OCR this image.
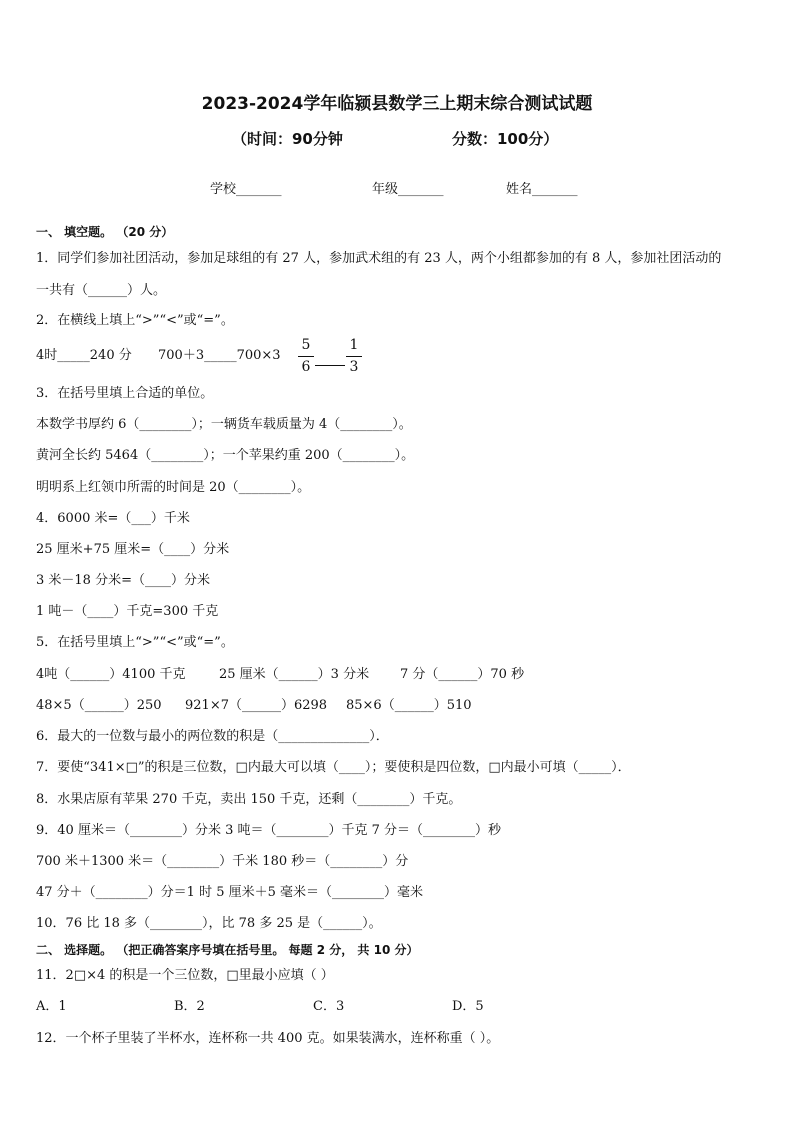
2023-2024学年临颍县数学三上期末综合测试试题
（时间：90分钟	分数：100分）
学校_______	年级_______	姓名_______
一、 填空题。 （20 分）
1．同学们参加社团活动，参加足球组的有 27 人，参加武术组的有 23 人，两个小组都参加的有 8 人，参加社团活动的
一共有（______）人。
2．在横线上填上“>”“<”或“=”。
4时_____240 分 700＋3_____700×3
5
6
1
3
3．在括号里填上合适的单位。
本数学书厚约 6（________）；一辆货车载质量为 4（________）。
黄河全长约 5464（________）；一个苹果约重 200（________）。
明明系上红领巾所需的时间是 20（________）。
4．6000 米=（___）千米
25 厘米+75 厘米=（____）分米
3 米－18 分米=（____）分米
1 吨－（____）千克=300 千克
5．在括号里填上“>”“<”或“=”。
4吨（______）4100 千克	25 厘米（______）3 分米 7 分（______）70 秒
48×5（______）250 921×7（______）6298 85×6（______）510
6．最大的一位数与最小的两位数的积是（______________）．
7．要使“341×□”的积是三位数，□内最大可以填（____）；要使积是四位数，□内最小可填（_____）．
8．水果店原有苹果 270 千克，卖出 150 千克，还剩（________）千克。
9．40 厘米＝（________）分米 3 吨＝（________）千克 7 分＝（________）秒
700 米＋1300 米＝（________）千米 180 秒＝（________）分
47 分＋（________）分＝1 时 5 厘米＋5 毫米＝（________）毫米
10．76 比 18 多（________），比 78 多 25 是（______）。
二、 选择题。 （把正确答案序号填在括号里。 每题 2 分， 共 10 分）
11．2□×4 的积是一个三位数，□里最小应填（ ）
A．1	B．2	C．3	D．5
12．一个杯子里装了半杯水，连杯称一共 400 克。如果装满水，连杯称重（ ）。
